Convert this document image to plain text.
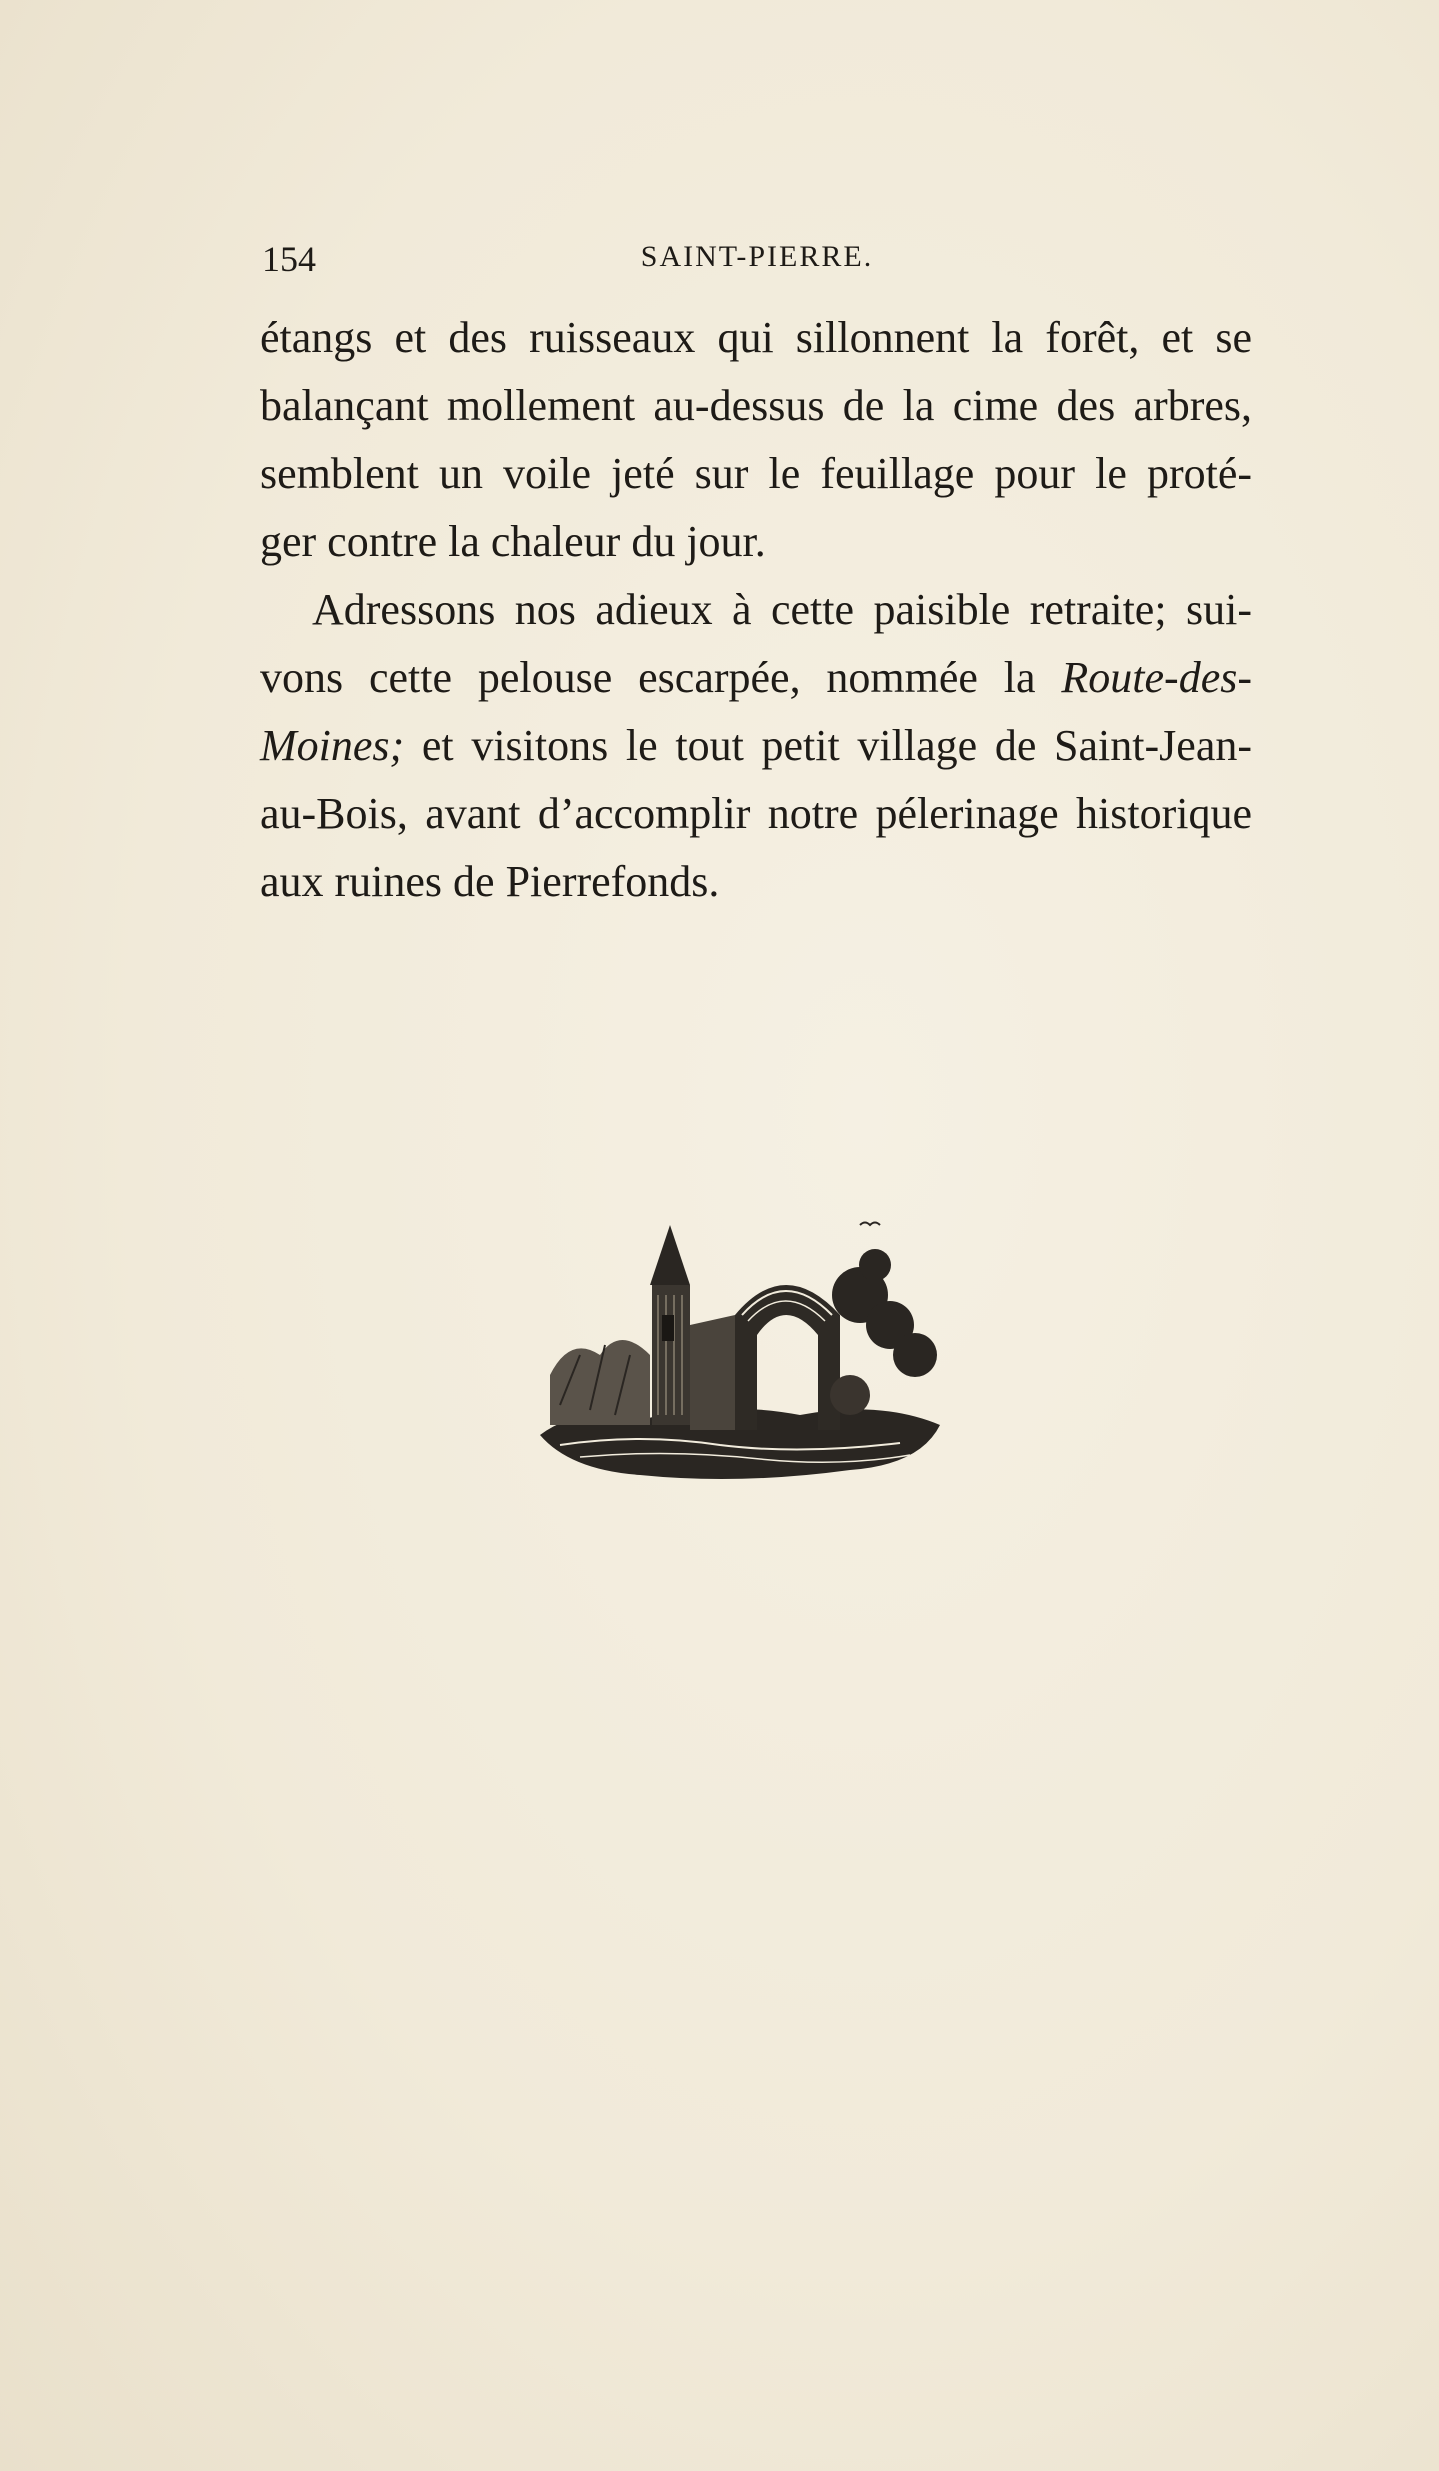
154	SAINT-PIERRE.
étangs et des ruisseaux qui sillonnent la forêt, et se
balançant mollement au-dessus de la cime des arbres,
semblent un voile jeté sur le feuillage pour le proté-
ger contre la chaleur du jour.
Adressons nos adieux à cette paisible retraite; sui-
vons cette pelouse escarpée, nommée la Route-des-
Moines; et visitons le tout petit village de Saint-Jean-
au-Bois, avant d’accomplir notre pélerinage historique
aux ruines de Pierrefonds.
